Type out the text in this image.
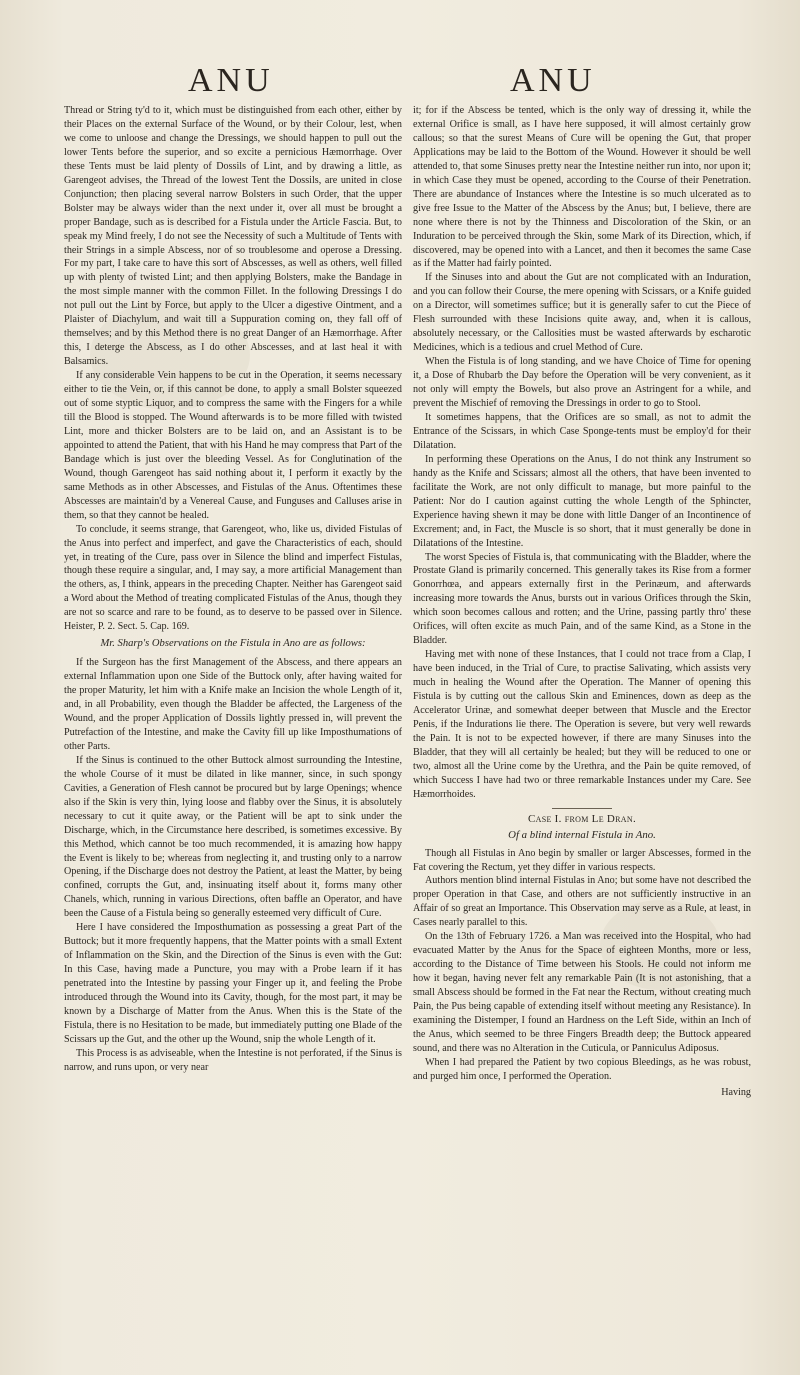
ANU	ANU

Thread or String ty'd to it, which must be distinguished from each other, either by their Places on the external Surface of the Wound, or by their Colour, lest, when we come to unloose and change the Dressings, we should happen to pull out the lower Tents before the superior, and so excite a pernicious Hæmorrhage. Over these Tents must be laid plenty of Dossils of Lint, and by drawing a little, as Garengeot advises, the Thread of the lowest Tent the Dossils, are united in close Conjunction; then placing several narrow Bolsters in such Order, that the upper Bolster may be always wider than the next under it, over all must be brought a proper Bandage, such as is described for a Fistula under the Article Fascia. But, to speak my Mind freely, I do not see the Necessity of such a Multitude of Tents with their Strings in a simple Abscess, nor of so troublesome and operose a Dressing. For my part, I take care to have this sort of Abscesses, as well as others, well filled up with plenty of twisted Lint; and then applying Bolsters, make the Bandage in the most simple manner with the common Fillet. In the following Dressings I do not pull out the Lint by Force, but apply to the Ulcer a digestive Ointment, and a Plaister of Diachylum, and wait till a Suppuration coming on, they fall off of themselves; and by this Method there is no great Danger of an Hæmorrhage. After this, I deterge the Abscess, as I do other Abscesses, and at last heal it with Balsamics.

If any considerable Vein happens to be cut in the Operation, it seems necessary either to tie the Vein, or, if this cannot be done, to apply a small Bolster squeezed out of some styptic Liquor, and to compress the same with the Fingers for a while till the Blood is stopped. The Wound afterwards is to be more filled with twisted Lint, more and thicker Bolsters are to be laid on, and an Assistant is to be appointed to attend the Patient, that with his Hand he may compress that Part of the Bandage which is just over the bleeding Vessel. As for Conglutination of the Wound, though Garengeot has said nothing about it, I perform it exactly by the same Methods as in other Abscesses, and Fistulas of the Anus. Oftentimes these Abscesses are maintain'd by a Venereal Cause, and Funguses and Calluses arise in them, so that they cannot be healed.

To conclude, it seems strange, that Garengeot, who, like us, divided Fistulas of the Anus into perfect and imperfect, and gave the Characteristics of each, should yet, in treating of the Cure, pass over in Silence the blind and imperfect Fistulas, though these require a singular, and, I may say, a more artificial Management than the others, as, I think, appears in the preceding Chapter. Neither has Garengeot said a Word about the Method of treating complicated Fistulas of the Anus, though they are not so scarce and rare to be found, as to deserve to be passed over in Silence. Heister, P. 2. Sect. 5. Cap. 169.

Mr. Sharp's Observations on the Fistula in Ano are as follows:

If the Surgeon has the first Management of the Abscess, and there appears an external Inflammation upon one Side of the Buttock only, after having waited for the proper Maturity, let him with a Knife make an Incision the whole Length of it, and, in all Probability, even though the Bladder be affected, the Largeness of the Wound, and the proper Application of Dossils lightly pressed in, will prevent the Putrefaction of the Intestine, and make the Cavity fill up like Imposthumations of other Parts.

If the Sinus is continued to the other Buttock almost surrounding the Intestine, the whole Course of it must be dilated in like manner, since, in such spongy Cavities, a Generation of Flesh cannot be procured but by large Openings; whence also if the Skin is very thin, lying loose and flabby over the Sinus, it is absolutely necessary to cut it quite away, or the Patient will be apt to sink under the Discharge, which, in the Circumstance here described, is sometimes excessive. By this Method, which cannot be too much recommended, it is amazing how happy the Event is likely to be; whereas from neglecting it, and trusting only to a narrow Opening, if the Discharge does not destroy the Patient, at least the Matter, by being confined, corrupts the Gut, and, insinuating itself about it, forms many other Chanels, which, running in various Directions, often baffle an Operator, and have been the Cause of a Fistula being so generally esteemed very difficult of Cure.

Here I have considered the Imposthumation as possessing a great Part of the Buttock; but it more frequently happens, that the Matter points with a small Extent of Inflammation on the Skin, and the Direction of the Sinus is even with the Gut: In this Case, having made a Puncture, you may with a Probe learn if it has penetrated into the Intestine by passing your Finger up it, and feeling the Probe introduced through the Wound into its Cavity, though, for the most part, it may be known by a Discharge of Matter from the Anus. When this is the State of the Fistula, there is no Hesitation to be made, but immediately putting one Blade of the Scissars up the Gut, and the other up the Wound, snip the whole Length of it.

This Process is as adviseable, when the Intestine is not perforated, if the Sinus is narrow, and runs upon, or very near

it; for if the Abscess be tented, which is the only way of dressing it, while the external Orifice is small, as I have here supposed, it will almost certainly grow callous; so that the surest Means of Cure will be opening the Gut, that proper Applications may be laid to the Bottom of the Wound. However it should be well attended to, that some Sinuses pretty near the Intestine neither run into, nor upon it; in which Case they must be opened, according to the Course of their Penetration. There are abundance of Instances where the Intestine is so much ulcerated as to give free Issue to the Matter of the Abscess by the Anus; but, I believe, there are none where there is not by the Thinness and Discoloration of the Skin, or an Induration to be perceived through the Skin, some Mark of its Direction, which, if discovered, may be opened into with a Lancet, and then it becomes the same Case as if the Matter had fairly pointed.

If the Sinuses into and about the Gut are not complicated with an Induration, and you can follow their Course, the mere opening with Scissars, or a Knife guided on a Director, will sometimes suffice; but it is generally safer to cut the Piece of Flesh surrounded with these Incisions quite away, and, when it is callous, absolutely necessary, or the Callosities must be wasted afterwards by escharotic Medicines, which is a tedious and cruel Method of Cure.

When the Fistula is of long standing, and we have Choice of Time for opening it, a Dose of Rhubarb the Day before the Operation will be very convenient, as it not only will empty the Bowels, but also prove an Astringent for a while, and prevent the Mischief of removing the Dressings in order to go to Stool.

It sometimes happens, that the Orifices are so small, as not to admit the Entrance of the Scissars, in which Case Sponge-tents must be employ'd for their Dilatation.

In performing these Operations on the Anus, I do not think any Instrument so handy as the Knife and Scissars; almost all the others, that have been invented to facilitate the Work, are not only difficult to manage, but more painful to the Patient: Nor do I caution against cutting the whole Length of the Sphincter, Experience having shewn it may be done with little Danger of an Incontinence of Excrement; and, in Fact, the Muscle is so short, that it must generally be done in Dilatations of the Intestine.

The worst Species of Fistula is, that communicating with the Bladder, where the Prostate Gland is primarily concerned. This generally takes its Rise from a former Gonorrhœa, and appears externally first in the Perinæum, and afterwards increasing more towards the Anus, bursts out in various Orifices through the Skin, which soon becomes callous and rotten; and the Urine, passing partly thro' these Orifices, will often excite as much Pain, and of the same Kind, as a Stone in the Bladder.

Having met with none of these Instances, that I could not trace from a Clap, I have been induced, in the Trial of Cure, to practise Salivating, which assists very much in healing the Wound after the Operation. The Manner of opening this Fistula is by cutting out the callous Skin and Eminences, down as deep as the Accelerator Urinæ, and somewhat deeper between that Muscle and the Erector Penis, if the Indurations lie there. The Operation is severe, but very well rewards the Pain. It is not to be expected however, if there are many Sinuses into the Bladder, that they will all certainly be healed; but they will be reduced to one or two, almost all the Urine come by the Urethra, and the Pain be quite removed, of which Success I have had two or three remarkable Instances under my Care. See Hæmorrhoides.

Case I. from Le Dran.

Of a blind internal Fistula in Ano.

Though all Fistulas in Ano begin by smaller or larger Abscesses, formed in the Fat covering the Rectum, yet they differ in various respects.

Authors mention blind internal Fistulas in Ano; but some have not described the proper Operation in that Case, and others are not sufficiently instructive in an Affair of so great an Importance. This Observation may serve as a Rule, at least, in Cases nearly parallel to this.

On the 13th of February 1726. a Man was received into the Hospital, who had evacuated Matter by the Anus for the Space of eighteen Months, more or less, according to the Distance of Time between his Stools. He could not inform me how it began, having never felt any remarkable Pain (It is not astonishing, that a small Abscess should be formed in the Fat near the Rectum, without creating much Pain, the Pus being capable of extending itself without meeting any Resistance). In examining the Distemper, I found an Hardness on the Left Side, within an Inch of the Anus, which seemed to be three Fingers Breadth deep; the Buttock appeared sound, and there was no Alteration in the Cuticula, or Panniculus Adiposus.

When I had prepared the Patient by two copious Bleedings, as he was robust, and purged him once, I performed the Operation.

Having
